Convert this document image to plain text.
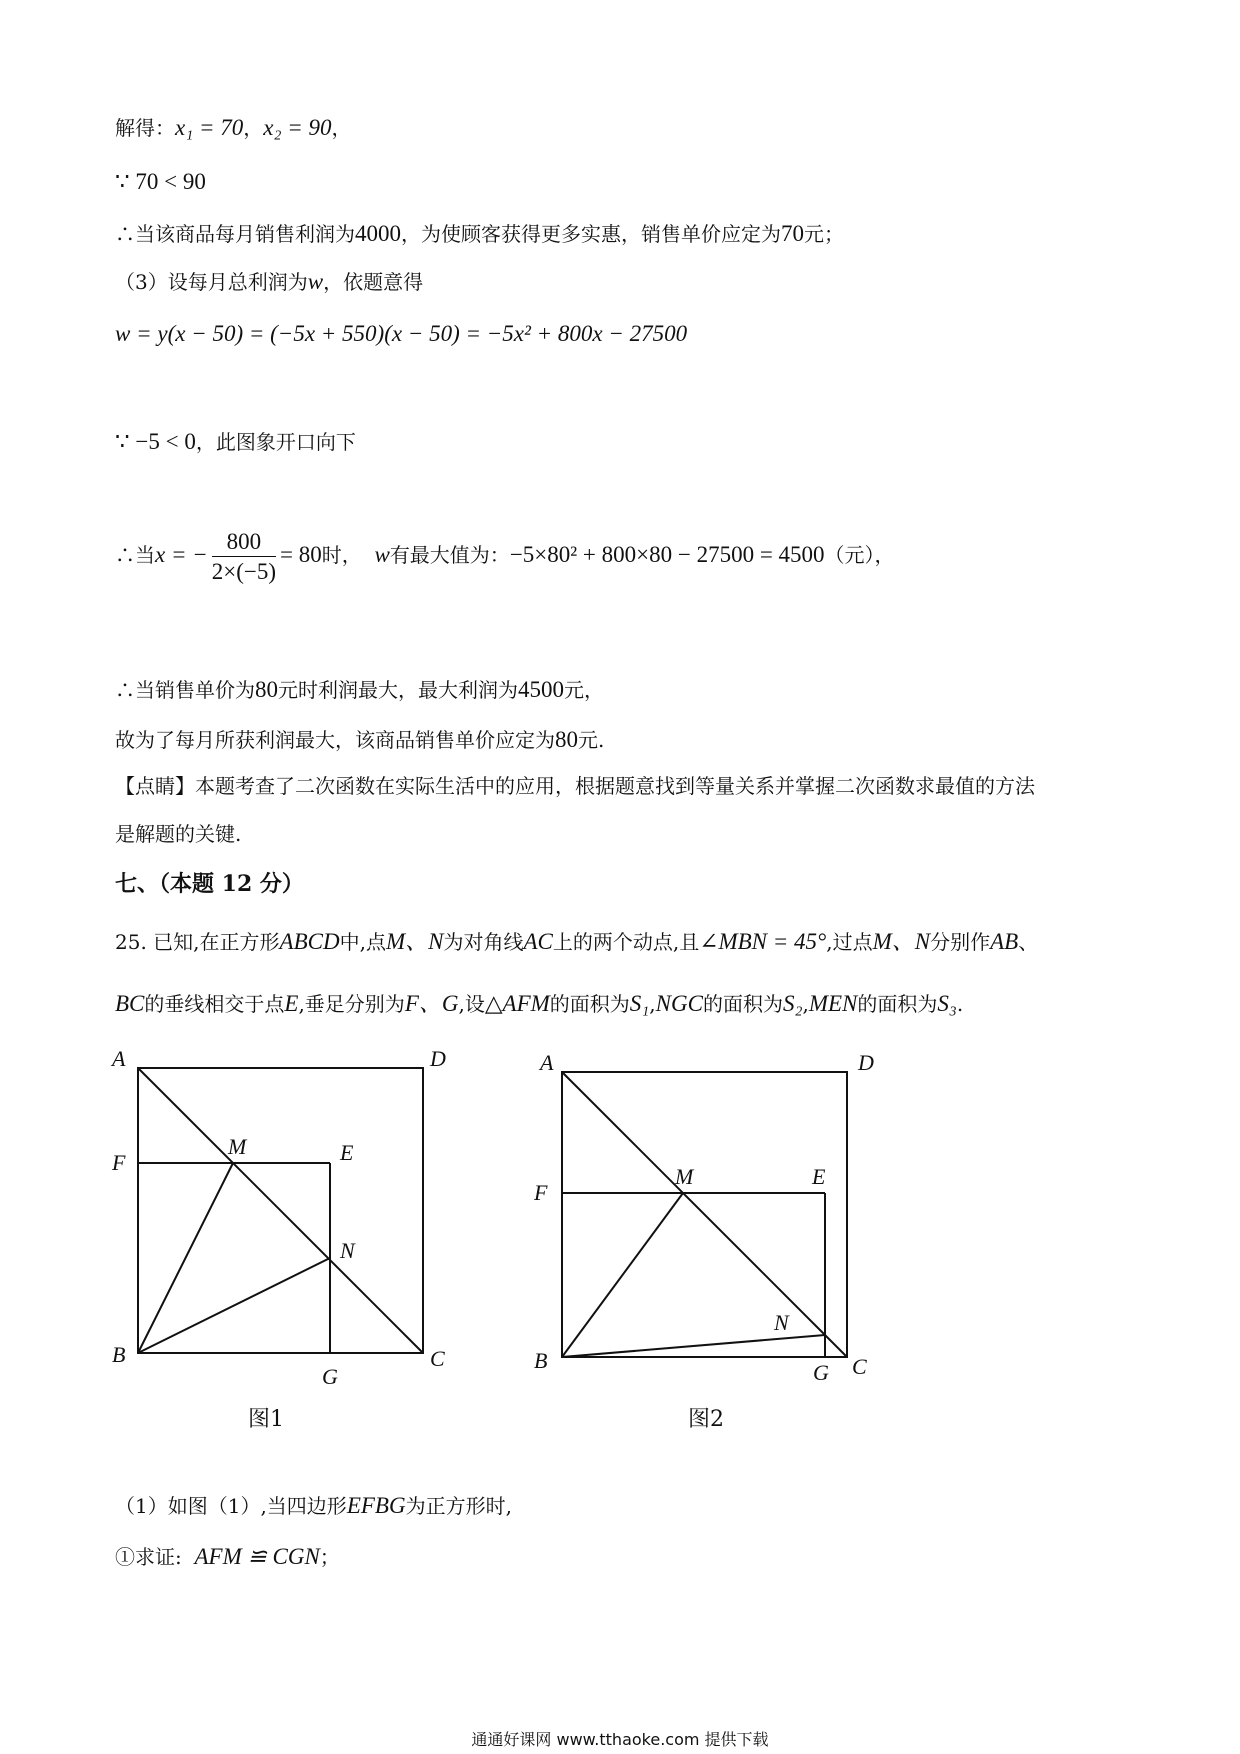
解得：x₁ = 70，x₂ = 90，
∵ 70 < 90
∴当该商品每月销售利润为4000，为使顾客获得更多实惠，销售单价应定为70元；
（3）设每月总利润为w，依题意得
w = y(x − 50) = (−5x + 550)(x − 50) = −5x² + 800x − 27500
∵ −5 < 0，此图象开口向下
∴当x = − $\frac{800}{2\times(-5)} = 80$时， w有最大值为：−5×80² + 800×80 − 27500 = 4500（元），
∴当销售单价为80元时利润最大，最大利润为4500元，
故为了每月所获利润最大，该商品销售单价应定为80元.
【点睛】本题考查了二次函数在实际生活中的应用，根据题意找到等量关系并掌握二次函数求最值的方法
是解题的关键.
七、（本题 12 分）
25. 已知,在正方形ABCD中,点M、N为对角线AC上的两个动点,且∠MBN = 45°,过点M、N分别作AB、
BC的垂线相交于点E,垂足分别为F、G,设△AFM的面积为S₁,NGC的面积为S₂,MEN的面积为S₃.
A	D
F
M	E
N
B
G
C
图1
A	D
F
M	E
N
B	G C
图2
（1）如图（1）,当四边形EFBG为正方形时,
①求证: AFM ≌ CGN；
通通好课网 www.tthaoke.com 提供下载
